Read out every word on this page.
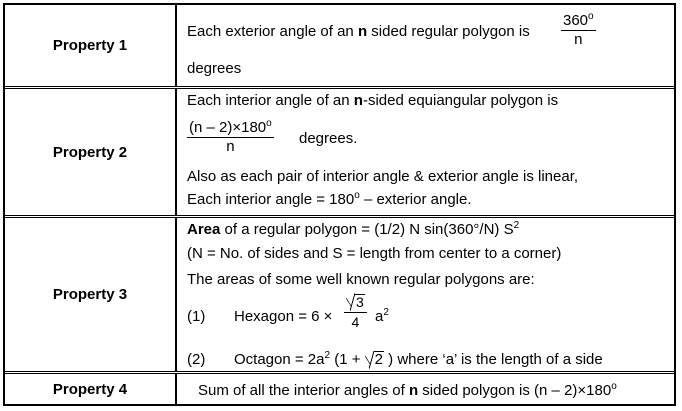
Property 1
Each exterior angle of an n sided regular polygon is $\frac{360^o}{n}$
degrees
Property 2
Each interior angle of an n-sided equiangular polygon is
$\frac{(n - 2)\times 180^o}{n}$ degrees.
Also as each pair of interior angle & exterior angle is linear,
Each interior angle = $180^o$ – exterior angle.
Property 3
Area of a regular polygon = (1/2) N sin(360°/N) $S^2$
(N = No. of sides and S = length from center to a corner)
The areas of some well known regular polygons are:
(1) Hexagon = 6 ×
3
4	$a^2$
(2) Octagon = $2a^2$ (1 + 2 ) where ‘a’ is the length of a side
Property 4	Sum of all the interior angles of n sided polygon is $(n - 2)\times 180^o$
